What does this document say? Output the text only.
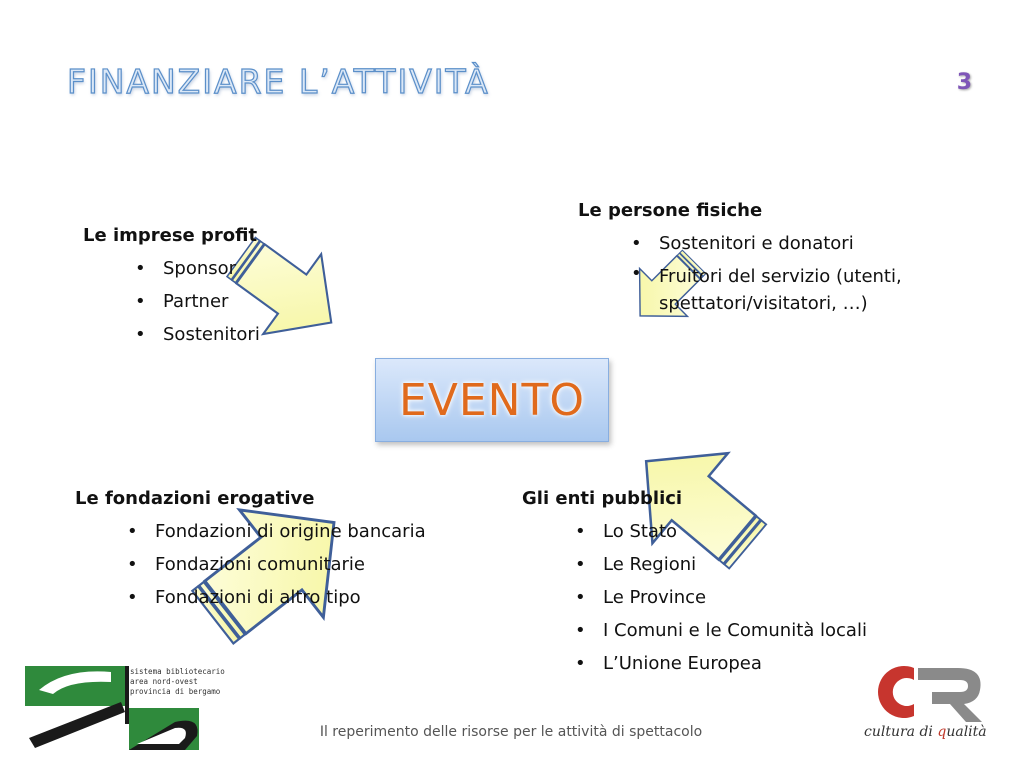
FINANZIARE L’ATTIVITÀ	3
Le imprese profit
• Sponsor
• Partner
• Sostenitori
Le persone fisiche
• Sostenitori e donatori
• Fruitori del servizio (utenti, spettatori/visitatori, …)
EVENTO
Le fondazioni erogative
• Fondazioni di origine bancaria
• Fondazioni comunitarie
• Fondazioni di altro tipo
Gli enti pubblici
• Lo Stato
• Le Regioni
• Le Province
• I Comuni e le Comunità locali
• L’Unione Europea
sistema bibliotecario
area nord-ovest
provincia di bergamo
Il reperimento delle risorse per le attività di spettacolo	cultura di qualità
